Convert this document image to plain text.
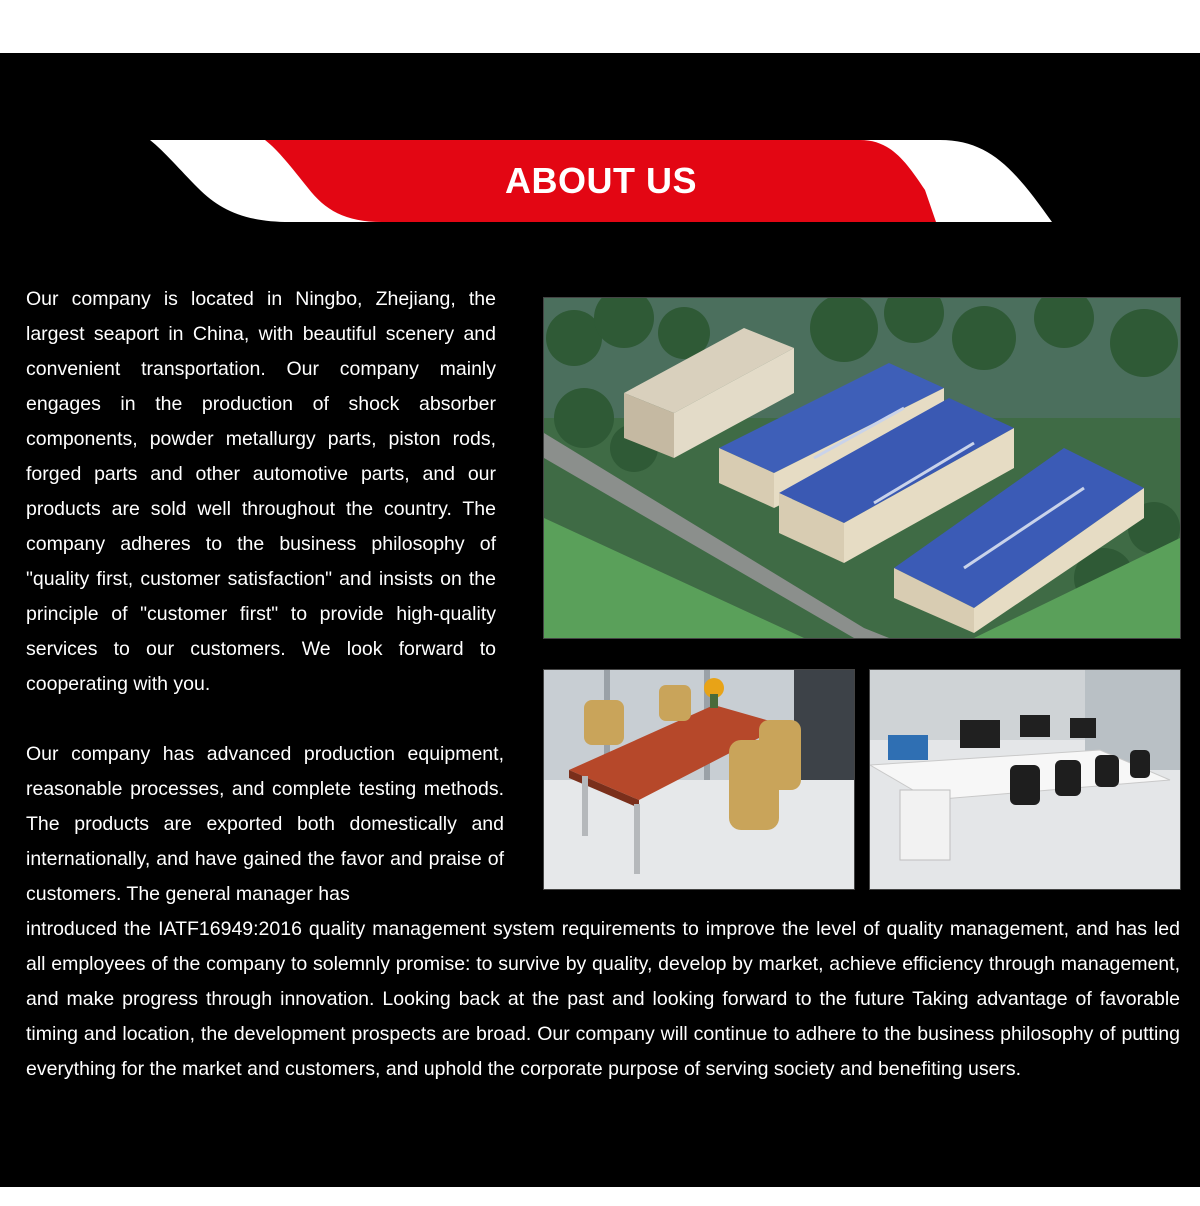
ABOUT US

Our company is located in Ningbo, Zhejiang, the largest seaport in China, with beautiful scenery and convenient transportation. Our company mainly engages in the production of shock absorber components, powder metallurgy parts, piston rods, forged parts and other automotive parts, and our products are sold well throughout the country. The company adheres to the business philosophy of "quality first, customer satisfaction" and insists on the principle of "customer first" to provide high-quality services to our customers. We look forward to cooperating with you.

Our company has advanced production equipment, reasonable processes, and complete testing methods. The products are exported both domestically and internationally, and have gained the favor and praise of customers. The general manager has

introduced the IATF16949:2016 quality management system requirements to improve the level of quality management, and has led all employees of the company to solemnly promise: to survive by quality, develop by market, achieve efficiency through management, and make progress through innovation. Looking back at the past and looking forward to the future Taking advantage of favorable timing and location, the development prospects are broad. Our company will continue to adhere to the business philosophy of putting everything for the market and customers, and uphold the corporate purpose of serving society and benefiting users.
